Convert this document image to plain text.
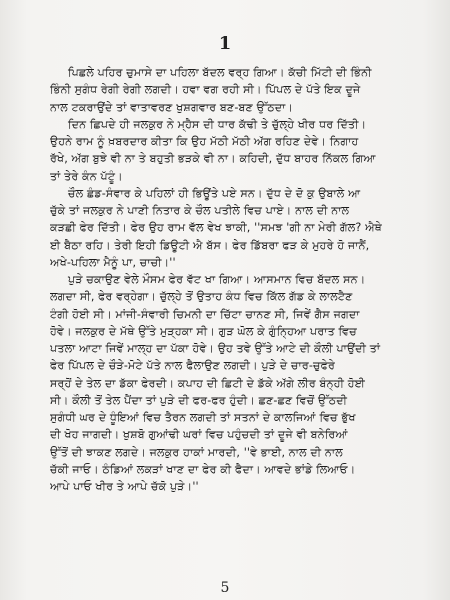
1
ਪਿਛਲੇ ਪਹਿਰ ਚੁਮਾਸੇ ਦਾ ਪਹਿਲਾ ਬੱਦਲ ਵਰ੍ਹ ਗਿਆ। ਕੱਚੀ ਮਿੱਟੀ ਦੀ ਭਿੰਨੀ
ਭਿੰਨੀ ਸੁਗੰਧ ਰੇਗੀ ਰੇਗੀ ਲਗਦੀ। ਹਵਾ ਵਗ ਰਹੀ ਸੀ। ਪਿੱਪਲ ਦੇ ਪੱਤੇ ਇਕ ਦੂਜੇ
ਨਾਲ ਟਕਰਾਉਂਦੇ ਤਾਂ ਵਾਤਾਵਰਣ ਖੁਸ਼ਗਵਾਰ ਬਣ-ਬਣ ਉੱਠਦਾ।
ਦਿਨ ਛਿਪਦੇ ਹੀ ਜਲਕੁਰ ਨੇ ਮ੍ਹੈਸ ਦੀ ਧਾਰ ਕੱਢੀ ਤੇ ਚੁੱਲ੍ਹੇ ਖੀਰ ਧਰ ਦਿੱਤੀ।
ਉਹਨੇ ਰਾਮ ਨੂੰ ਖ਼ਬਰਦਾਰ ਕੀਤਾ ਕਿ ਉਹ ਮੱਠੀ ਮੱਠੀ ਅੱਗ ਰਹਿਣ ਦੇਵੇ। ਨਿਗਾਹ
ਰੱਖੇ, ਅੱਗ ਬੁਝੇ ਵੀ ਨਾ ਤੇ ਬਹੁਤੀ ਭੜਕੇ ਵੀ ਨਾ। ਕਹਿਦੀ, ਦੁੱਧ ਬਾਹਰ ਨਿੱਕਲ ਗਿਆ
ਤਾਂ ਤੇਰੇ ਕੰਨ ਪੱਟੂੰ।
ਚੌਲ ਛੰਡ-ਸੰਵਾਰ ਕੇ ਪਹਿਲਾਂ ਹੀ ਭਿਊਂਤੇ ਪਏ ਸਨ। ਦੁੱਧ ਦੇ ਦੋ ਕੁ ਉਬਾਲੇ ਆ
ਚੁੱਕੇ ਤਾਂ ਜਲਕੁਰ ਨੇ ਪਾਣੀ ਨਿਤਾਰ ਕੇ ਚੌਲ ਪਤੀਲੇ ਵਿਚ ਪਾਏ। ਨਾਲ ਦੀ ਨਾਲ
ਕੜਛੀ ਫੇਰ ਦਿੱਤੀ। ਫੇਰ ਉਹ ਰਾਮ ਵੱਲ ਵੇਖ ਝਾਕੀ, ''ਸਮਝ 'ਗੀ ਨਾ ਮੇਰੀ ਗੱਲ? ਐਥੇ
ਈ ਬੈਠਾ ਰਹਿ। ਤੇਰੀ ਇਹੀ ਡਿਊਟੀ ਐ ਬੱਸ। ਫੇਰ ਡਿੱਬਰਾ ਫੜ ਕੇ ਮੁਹਰੇ ਹੋ ਜਾਨੈਂ,
ਅਖੇ-ਪਹਿਲਾ ਮੈਨੂੰ ਪਾ, ਚਾਚੀ।''
ਪੁੜੇ ਚਕਾਉਣ ਵੇਲੇ ਮੌਸਮ ਫੇਰ ਵੱਟ ਖਾ ਗਿਆ। ਆਸਮਾਨ ਵਿਚ ਬੱਦਲ ਸਨ।
ਲਗਦਾ ਸੀ, ਫੇਰ ਵਰ੍ਹੇਗਾ। ਚੁੱਲ੍ਹੇ ਤੋਂ ਉਤਾਹ ਕੰਧ ਵਿਚ ਕਿੱਲ ਗੱਡ ਕੇ ਲਾਲਟੈਣ
ਟੰਗੀ ਹੋਈ ਸੀ। ਮਾਂਜੀ-ਸੰਵਾਰੀ ਚਿਮਨੀ ਦਾ ਚਿੱਟਾ ਚਾਨਣ ਸੀ, ਜਿਵੇਂ ਗੈਸ ਜਗਦਾ
ਹੋਵੇ। ਜਲਕੁਰ ਦੇ ਮੱਥੇ ਉੱਤੇ ਮੁੜ੍ਹਕਾ ਸੀ। ਗੁੜ ਘੋਲ ਕੇ ਗੁੰਨ੍ਹਿਆ ਪਰਾਤ ਵਿਚ
ਪਤਲਾ ਆਟਾ ਜਿਵੇਂ ਮਾਲ੍ਹ ਦਾ ਪੱਕਾ ਹੋਵੇ। ਉਹ ਤਵੇ ਉੱਤੇ ਆਟੇ ਦੀ ਕੌਲੀ ਪਾਉਂਦੀ ਤਾਂ
ਫੇਰ ਪਿੱਪਲ ਦੇ ਚੌੜੇ-ਮੋਟੇ ਪੱਤੇ ਨਾਲ ਫੈਲਾਉਣ ਲਗਦੀ। ਪੁੜੇ ਦੇ ਚਾਰ-ਚੁਫੇਰੇ
ਸਰ੍ਹੋਂ ਦੇ ਤੇਲ ਦਾ ਡੱਕਾ ਫੇਰਦੀ। ਕਪਾਹ ਦੀ ਛਿਟੀ ਦੇ ਡੱਕੇ ਅੱਗੇ ਲੀਰ ਬੰਨ੍ਹੀ ਹੋਈ
ਸੀ। ਕੌਲੀ ਤੋਂ ਤੇਲ ਪੈਂਦਾ ਤਾਂ ਪੁੜੇ ਦੀ ਫਰ-ਫਰ ਹੁੰਦੀ। ਛਣ-ਛਣ ਵਿਚੋਂ ਉੱਠਦੀ
ਸੁਗੰਧੀ ਘਰ ਦੇ ਧੂੰਇਆਂ ਵਿਚ ਤੈਰਨ ਲਗਦੀ ਤਾਂ ਸਤਨਾਂ ਦੇ ਕਾਲਜਿਆਂ ਵਿਚ ਭੁੱਖ
ਦੀ ਖੋਹ ਜਾਗਦੀ। ਖੁਸ਼ਬੋ ਗੁਆਂਢੀ ਘਰਾਂ ਵਿਚ ਪਹੁੰਚਦੀ ਤਾਂ ਦੂਜੇ ਵੀ ਬਨੇਰਿਆਂ
ਉੱਤੋਂ ਦੀ ਝਾਕਣ ਲਗਦੇ। ਜਲਕੁਰ ਹਾਕਾਂ ਮਾਰਦੀ, ''ਵੇ ਭਾਈ, ਨਾਲ ਦੀ ਨਾਲ
ਚੱਕੀ ਜਾਓ। ਠੰਡਿਆਂ ਲਕੜਾਂ ਖਾਣ ਦਾ ਫੇਰ ਕੀ ਫੈਦਾ। ਆਵਦੇ ਭਾਂਡੇ ਲਿਆਓ।
ਆਪੇ ਪਾਓ ਖੀਰ ਤੇ ਆਪੇ ਚੱਕੋ ਪੁੜੇ।''
5
